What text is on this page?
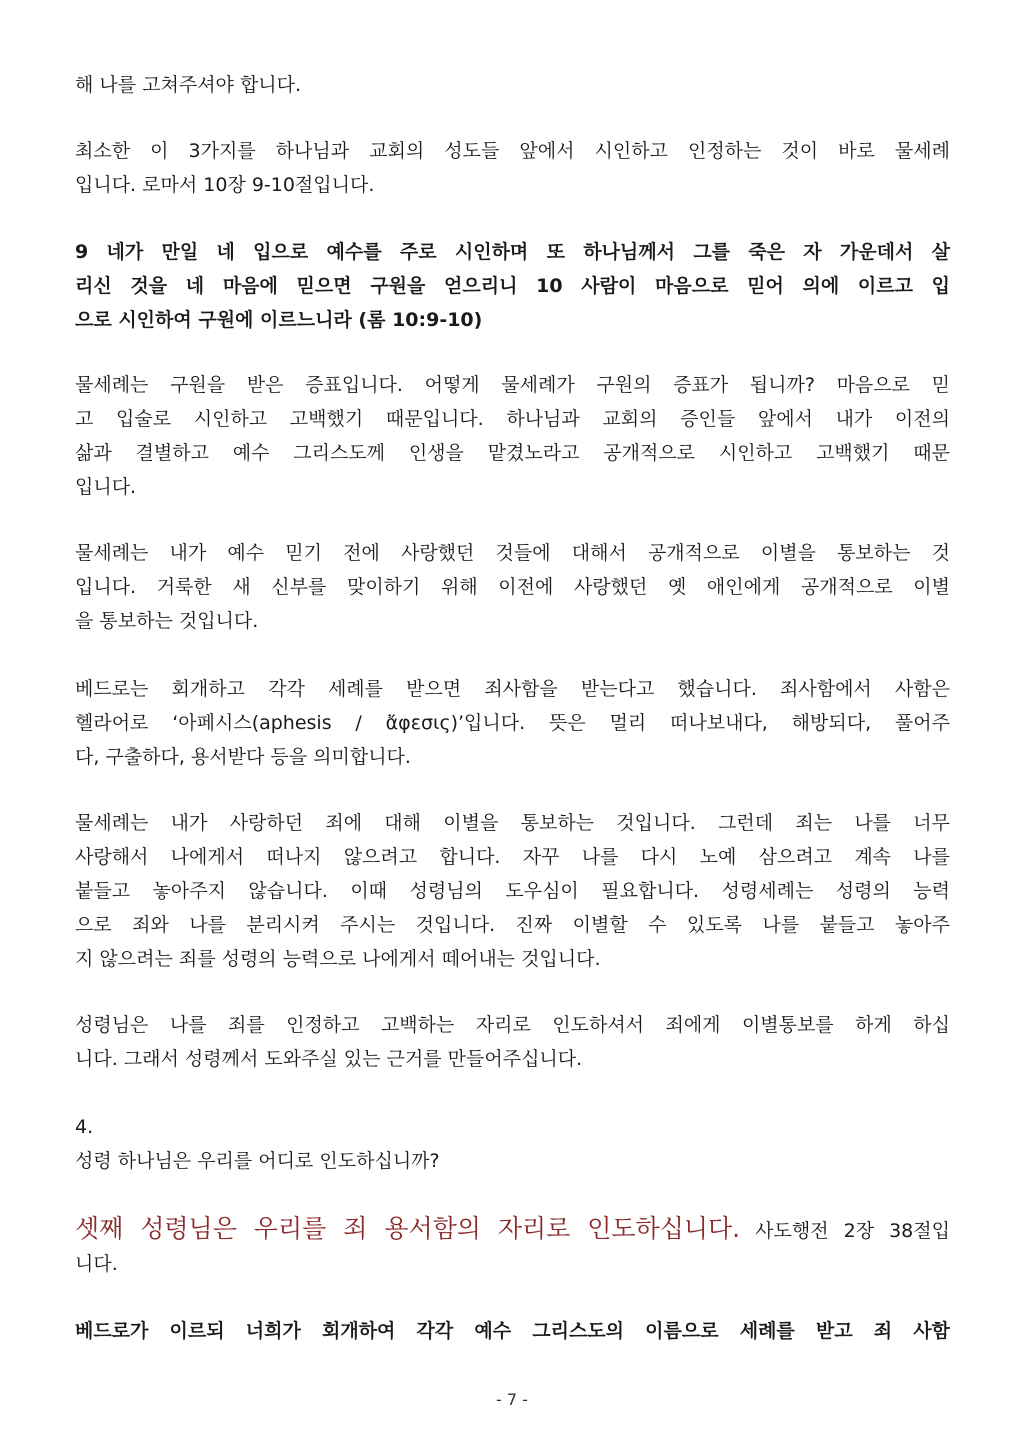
해 나를 고쳐주셔야 합니다.
최소한 이 3가지를 하나님과 교회의 성도들 앞에서 시인하고 인정하는 것이 바로 물세례
입니다. 로마서 10장 9-10절입니다.
9 네가 만일 네 입으로 예수를 주로 시인하며 또 하나님께서 그를 죽은 자 가운데서 살
리신 것을 네 마음에 믿으면 구원을 얻으리니 10 사람이 마음으로 믿어 의에 이르고 입
으로 시인하여 구원에 이르느니라 (롬 10:9-10)
물세례는 구원을 받은 증표입니다. 어떻게 물세례가 구원의 증표가 됩니까? 마음으로 믿
고 입술로 시인하고 고백했기 때문입니다. 하나님과 교회의 증인들 앞에서 내가 이전의
삶과 결별하고 예수 그리스도께 인생을 맡겼노라고 공개적으로 시인하고 고백했기 때문
입니다.
물세례는 내가 예수 믿기 전에 사랑했던 것들에 대해서 공개적으로 이별을 통보하는 것
입니다. 거룩한 새 신부를 맞이하기 위해 이전에 사랑했던 옛 애인에게 공개적으로 이별
을 통보하는 것입니다.
베드로는 회개하고 각각 세례를 받으면 죄사함을 받는다고 했습니다. 죄사함에서 사함은
헬라어로 ‘아페시스(aphesis / ἄφεσις)’입니다. 뜻은 멀리 떠나보내다, 해방되다, 풀어주
다, 구출하다, 용서받다 등을 의미합니다.
물세례는 내가 사랑하던 죄에 대해 이별을 통보하는 것입니다. 그런데 죄는 나를 너무
사랑해서 나에게서 떠나지 않으려고 합니다. 자꾸 나를 다시 노예 삼으려고 계속 나를
붙들고 놓아주지 않습니다. 이때 성령님의 도우심이 필요합니다. 성령세례는 성령의 능력
으로 죄와 나를 분리시켜 주시는 것입니다. 진짜 이별할 수 있도록 나를 붙들고 놓아주
지 않으려는 죄를 성령의 능력으로 나에게서 떼어내는 것입니다.
성령님은 나를 죄를 인정하고 고백하는 자리로 인도하셔서 죄에게 이별통보를 하게 하십
니다. 그래서 성령께서 도와주실 있는 근거를 만들어주십니다.
4.
성령 하나님은 우리를 어디로 인도하십니까?
셋째 성령님은 우리를 죄 용서함의 자리로 인도하십니다. 사도행전 2장 38절입
니다.
베드로가 이르되 너희가 회개하여 각각 예수 그리스도의 이름으로 세례를 받고 죄 사함
- 7 -
